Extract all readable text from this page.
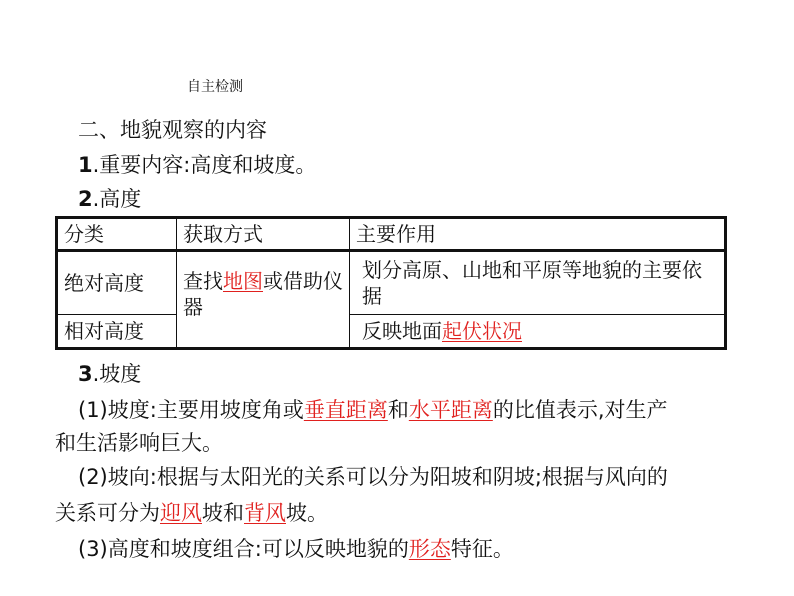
自主检测
二、地貌观察的内容
1.重要内容:高度和坡度。
2.高度
分类	获取方式	主要作用
绝对高度	查找地图或借助仪器	划分高原、山地和平原等地貌的主要依据
相对高度		反映地面起伏状况
3.坡度
(1)坡度:主要用坡度角或垂直距离和水平距离的比值表示,对生产
和生活影响巨大。
(2)坡向:根据与太阳光的关系可以分为阳坡和阴坡;根据与风向的
关系可分为迎风坡和背风坡。
(3)高度和坡度组合:可以反映地貌的形态特征。
